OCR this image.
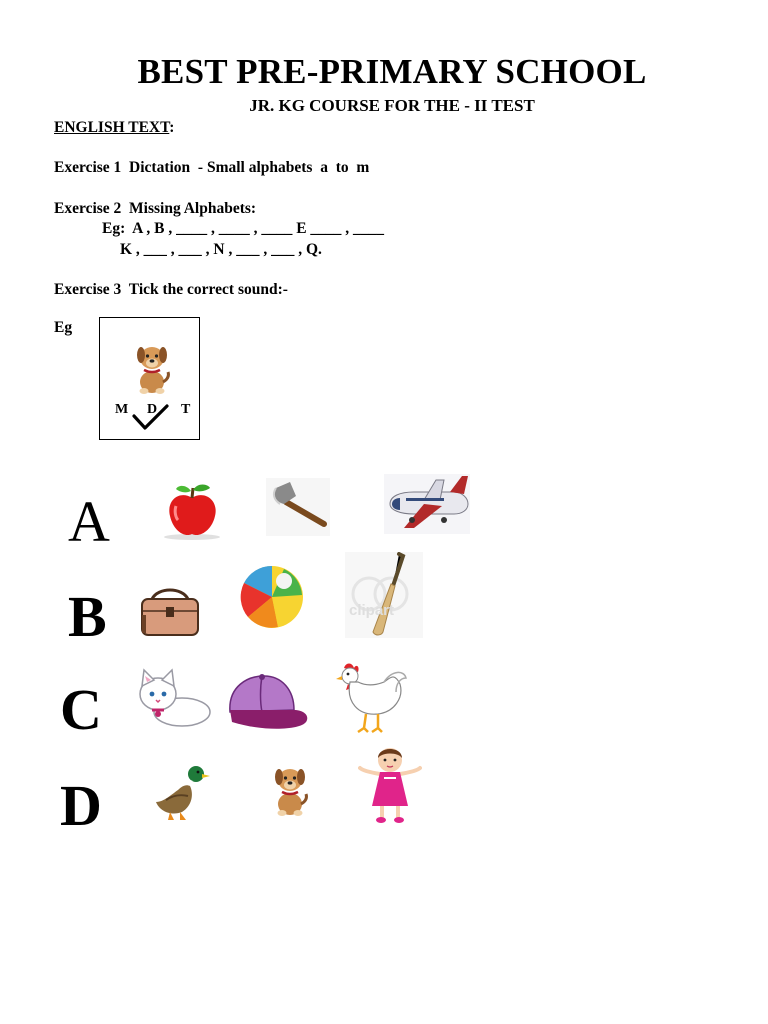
BEST PRE-PRIMARY SCHOOL
JR. KG COURSE FOR THE - II TEST
ENGLISH TEXT:
Exercise 1  Dictation  - Small alphabets  a  to  m
Exercise 2  Missing Alphabets:
Eg:  A , B , ____ , ____ , ____ E ____ , ____
K , ___ , ___ , N , ___ , ___ , Q.
Exercise 3  Tick the correct sound:-
Eg
M D T
A
B	clipart
C
D
